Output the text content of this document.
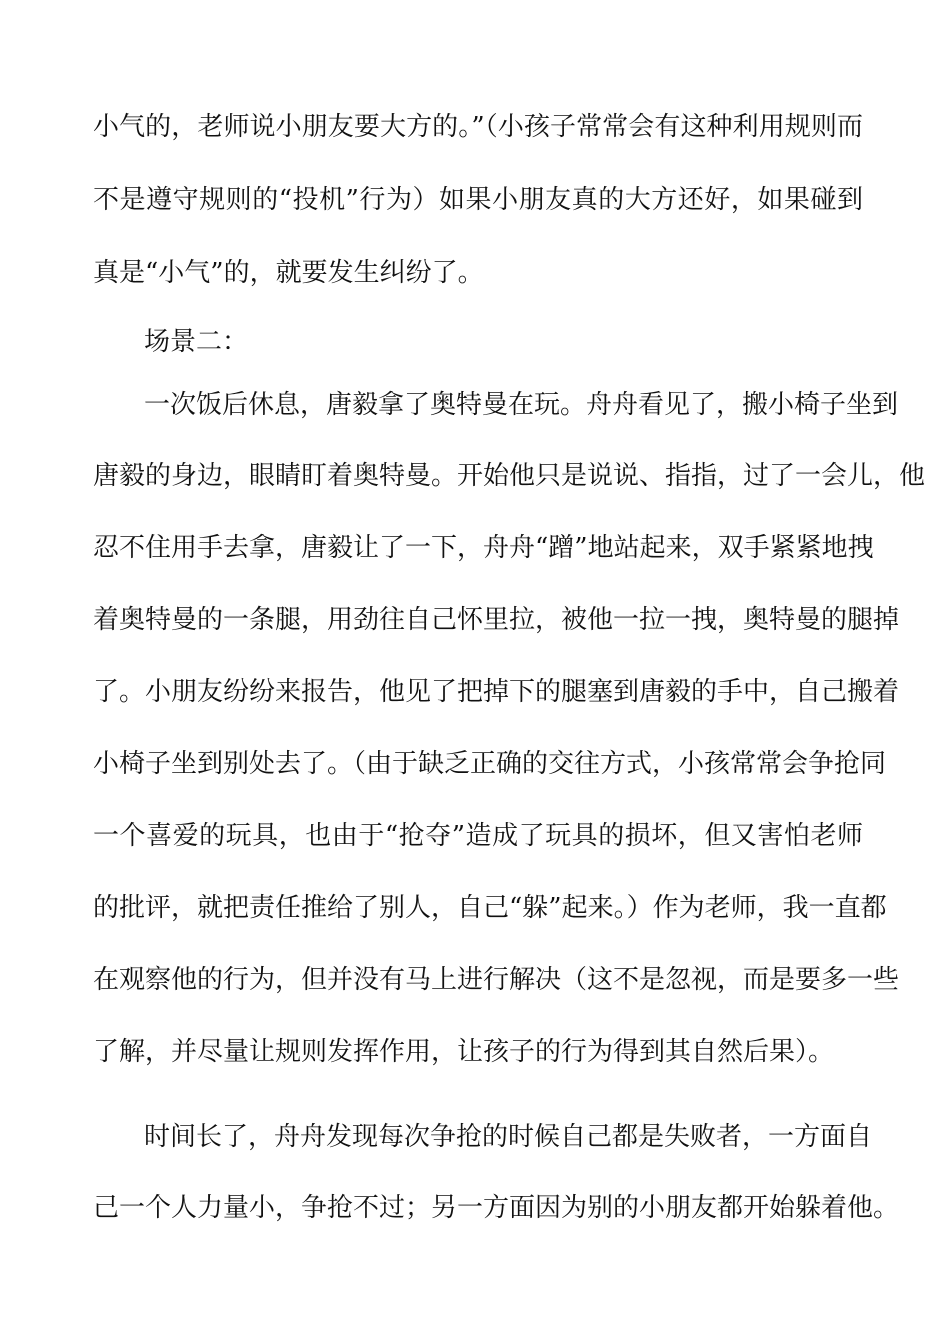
小气的，老师说小朋友要大方的。”（小孩子常常会有这种利用规则而

不是遵守规则的“投机”行为）如果小朋友真的大方还好，如果碰到

真是“小气”的，就要发生纠纷了。

场景二：

一次饭后休息，唐毅拿了奥特曼在玩。舟舟看见了，搬小椅子坐到

唐毅的身边，眼睛盯着奥特曼。开始他只是说说、指指，过了一会儿，他

忍不住用手去拿，唐毅让了一下，舟舟“蹭”地站起来，双手紧紧地拽

着奥特曼的一条腿，用劲往自己怀里拉，被他一拉一拽，奥特曼的腿掉

了。小朋友纷纷来报告，他见了把掉下的腿塞到唐毅的手中，自己搬着

小椅子坐到别处去了。（由于缺乏正确的交往方式，小孩常常会争抢同

一个喜爱的玩具，也由于“抢夺”造成了玩具的损坏，但又害怕老师

的批评，就把责任推给了别人，自己“躲”起来。）作为老师，我一直都

在观察他的行为，但并没有马上进行解决（这不是忽视，而是要多一些

了解，并尽量让规则发挥作用，让孩子的行为得到其自然后果）。

时间长了，舟舟发现每次争抢的时候自己都是失败者，一方面自

己一个人力量小，争抢不过；另一方面因为别的小朋友都开始躲着他。
